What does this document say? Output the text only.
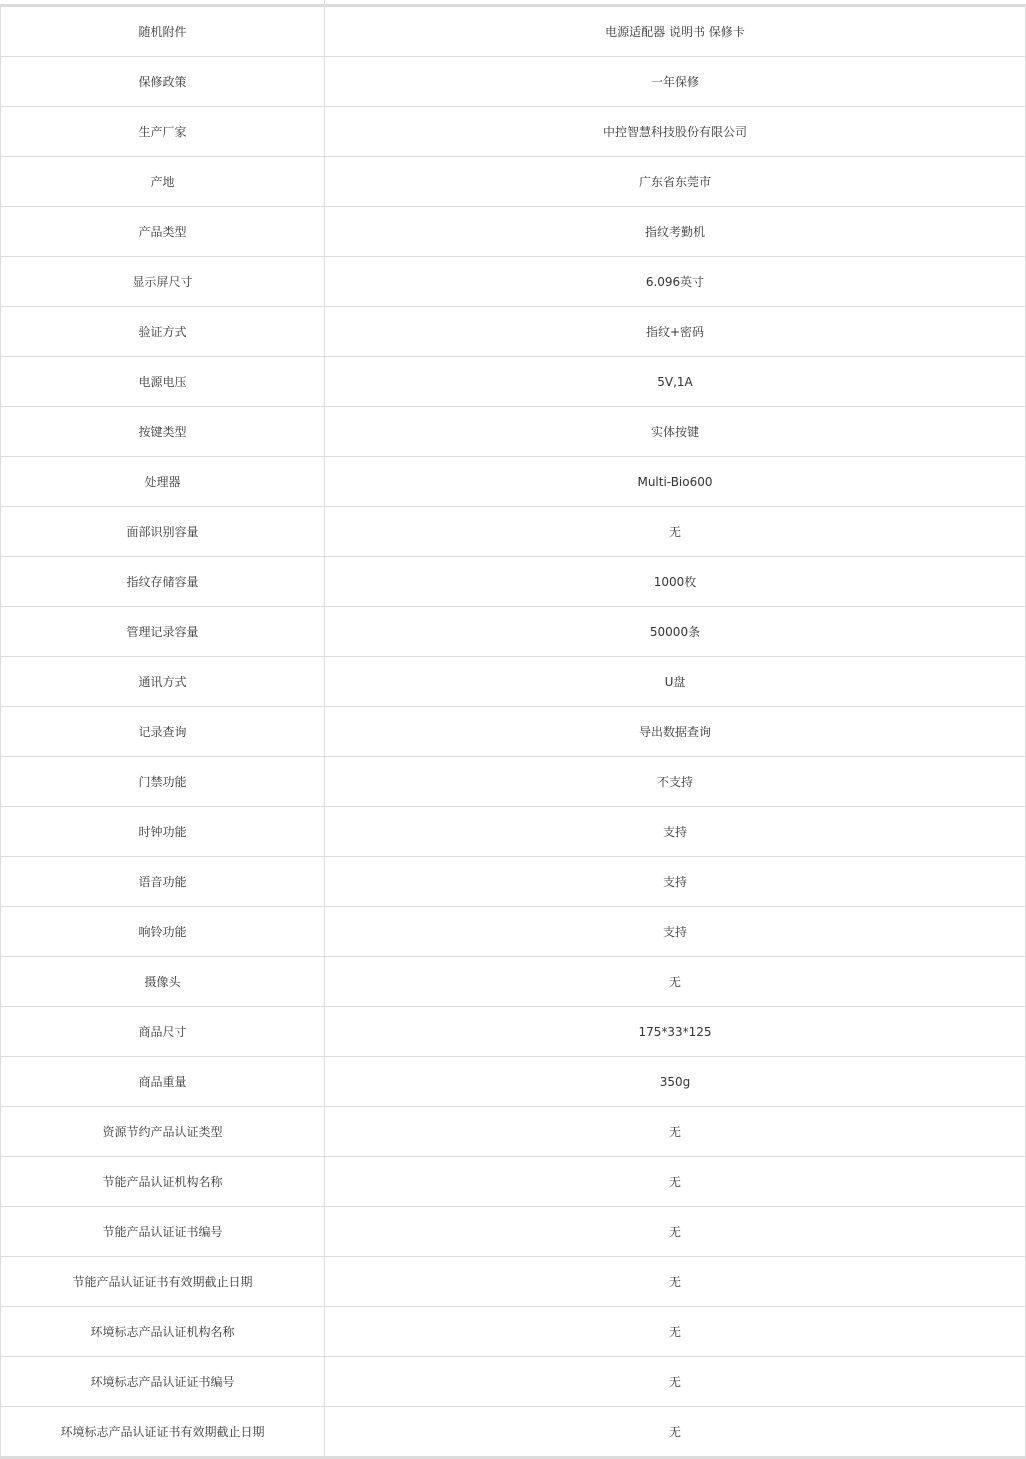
随机附件	电源适配器 说明书 保修卡
保修政策	一年保修
生产厂家	中控智慧科技股份有限公司
产地	广东省东莞市
产品类型	指纹考勤机
显示屏尺寸	6.096英寸
验证方式	指纹+密码
电源电压	5V,1A
按键类型	实体按键
处理器	Multi-Bio600
面部识别容量	无
指纹存储容量	1000枚
管理记录容量	50000条
通讯方式	U盘
记录查询	导出数据查询
门禁功能	不支持
时钟功能	支持
语音功能	支持
响铃功能	支持
摄像头	无
商品尺寸	175*33*125
商品重量	350g
资源节约产品认证类型	无
节能产品认证机构名称	无
节能产品认证证书编号	无
节能产品认证证书有效期截止日期	无
环境标志产品认证机构名称	无
环境标志产品认证证书编号	无
环境标志产品认证证书有效期截止日期	无
